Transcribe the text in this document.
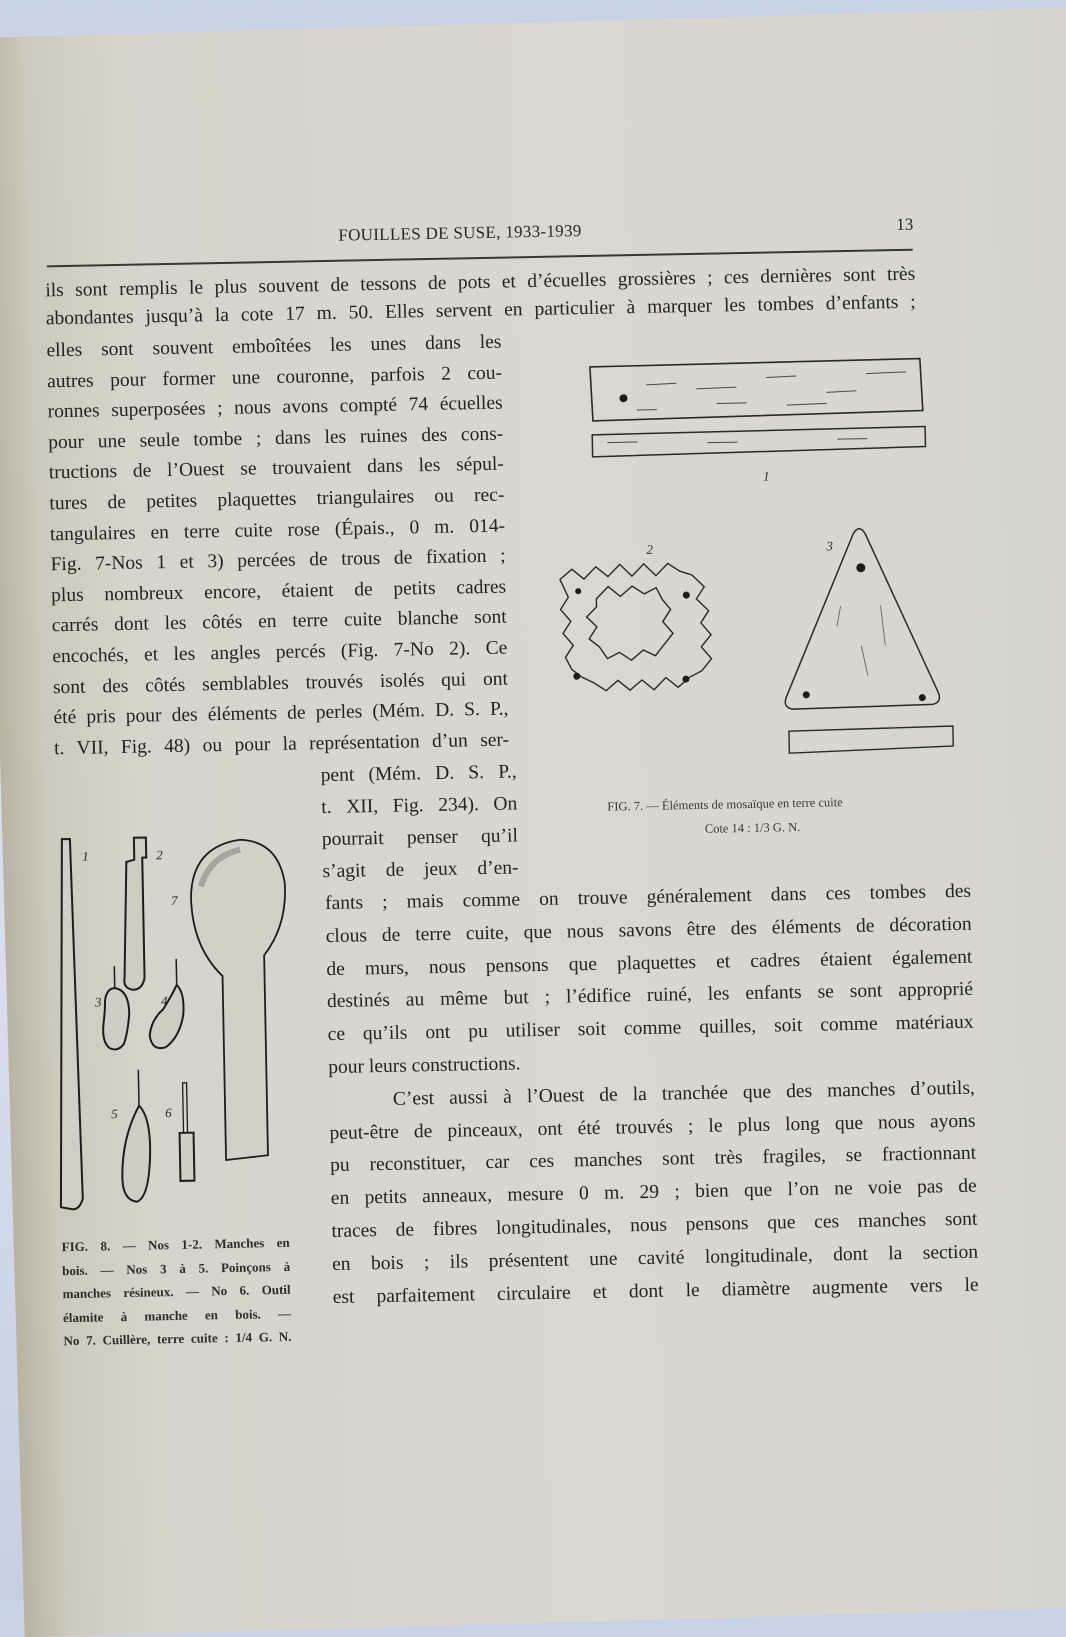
FOUILLES DE SUSE, 1933-1939	13
ils sont remplis le plus souvent de tessons de pots et d’écuelles grossières ; ces dernières sont très
abondantes jusqu’à la cote 17 m. 50. Elles servent en particulier à marquer les tombes d’enfants ;
elles sont souvent emboîtées les unes dans les
autres pour former une couronne, parfois 2 cou-
ronnes superposées ; nous avons compté 74 écuelles
pour une seule tombe ; dans les ruines des cons-
tructions de l’Ouest se trouvaient dans les sépul-
tures de petites plaquettes triangulaires ou rec-
tangulaires en terre cuite rose (Épais., 0 m. 014-
Fig. 7-Nos 1 et 3) percées de trous de fixation ;
plus nombreux encore, étaient de petits cadres
carrés dont les côtés en terre cuite blanche sont
encochés, et les angles percés (Fig. 7-No 2). Ce
sont des côtés semblables trouvés isolés qui ont
été pris pour des éléments de perles (Mém. D. S. P.,
t. VII, Fig. 48) ou pour la représentation d’un ser-
pent (Mém. D. S. P.,
t. XII, Fig. 234). On
pourrait penser qu’il
s’agit de jeux d’en-
fants ; mais comme on trouve généralement dans ces tombes des
clous de terre cuite, que nous savons être des éléments de décoration
de murs, nous pensons que plaquettes et cadres étaient également
destinés au même but ; l’édifice ruiné, les enfants se sont approprié
ce qu’ils ont pu utiliser soit comme quilles, soit comme matériaux
pour leurs constructions.
C’est aussi à l’Ouest de la tranchée que des manches d’outils,
peut-être de pinceaux, ont été trouvés ; le plus long que nous ayons
pu reconstituer, car ces manches sont très fragiles, se fractionnant
en petits anneaux, mesure 0 m. 29 ; bien que l’on ne voie pas de
traces de fibres longitudinales, nous pensons que ces manches sont
en bois ; ils présentent une cavité longitudinale, dont la section
est parfaitement circulaire et dont le diamètre augmente vers le
1
2	3
FIG. 7. — Éléments de mosaïque en terre cuite
Cote 14 : 1/3 G. N.
1	2
3	4
5	6
7
FIG. 8. — Nos 1-2. Manches en
bois. — Nos 3 à 5. Poinçons à
manches résineux. — No 6. Outil
élamite à manche en bois. —
No 7. Cuillère, terre cuite : 1/4 G. N.
